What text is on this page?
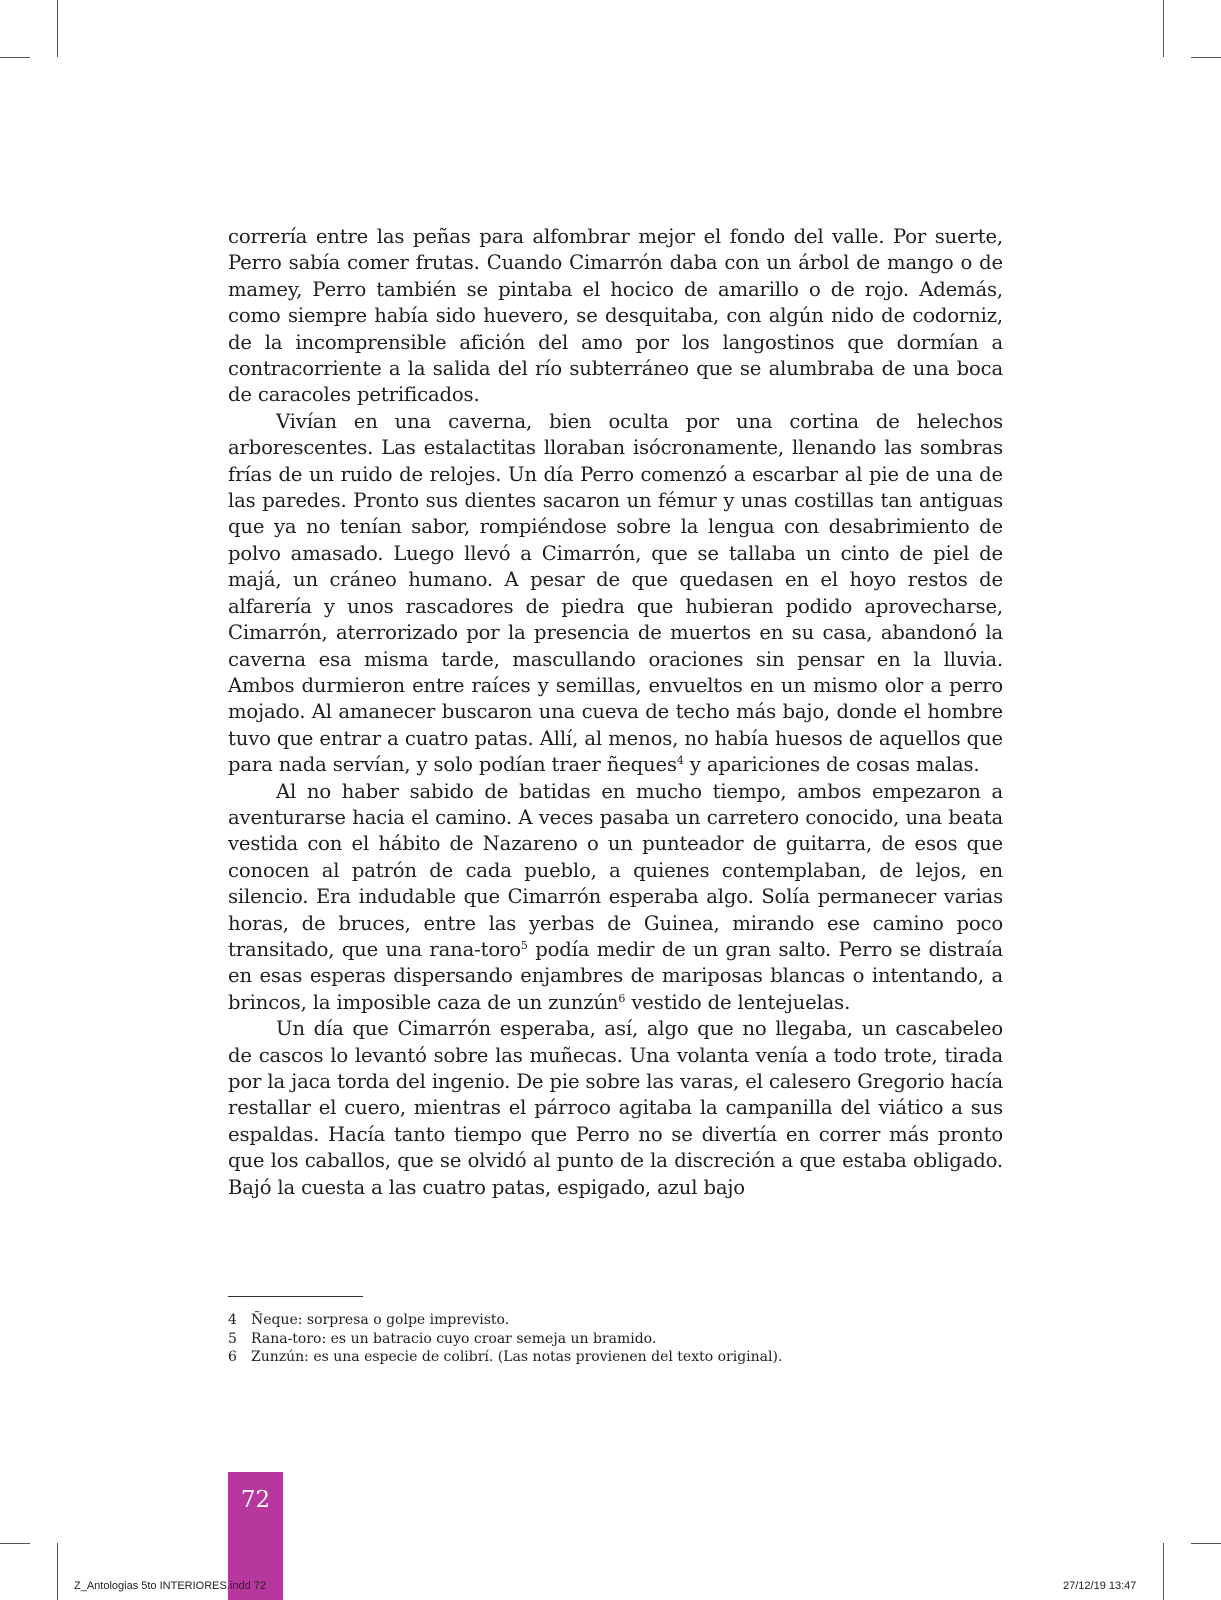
correría entre las peñas para alfombrar mejor el fondo del valle. Por suerte, Perro sabía comer frutas. Cuando Cimarrón daba con un árbol de mango o de mamey, Perro también se pintaba el hocico de amarillo o de rojo. Además, como siempre había sido huevero, se desquitaba, con algún nido de codorniz, de la incomprensible afición del amo por los langostinos que dormían a contracorriente a la salida del río subterráneo que se alumbraba de una boca de caracoles petrificados.

Vivían en una caverna, bien oculta por una cortina de helechos arborescentes. Las estalactitas lloraban isócronamente, llenando las sombras frías de un ruido de relojes. Un día Perro comenzó a escarbar al pie de una de las paredes. Pronto sus dientes sacaron un fémur y unas costillas tan antiguas que ya no tenían sabor, rompiéndose sobre la lengua con desabrimiento de polvo amasado. Luego llevó a Cimarrón, que se tallaba un cinto de piel de majá, un cráneo humano. A pesar de que quedasen en el hoyo restos de alfarería y unos rascadores de piedra que hubieran podido aprovecharse, Cimarrón, aterrorizado por la presencia de muertos en su casa, abandonó la caverna esa misma tarde, mascullando oraciones sin pensar en la lluvia. Ambos durmieron entre raíces y semillas, envueltos en un mismo olor a perro mojado. Al amanecer buscaron una cueva de techo más bajo, donde el hombre tuvo que entrar a cuatro patas. Allí, al menos, no había huesos de aquellos que para nada servían, y solo podían traer ñeques$^4$ y apariciones de cosas malas.

Al no haber sabido de batidas en mucho tiempo, ambos empezaron a aventurarse hacia el camino. A veces pasaba un carretero conocido, una beata vestida con el hábito de Nazareno o un punteador de guitarra, de esos que conocen al patrón de cada pueblo, a quienes contemplaban, de lejos, en silencio. Era indudable que Cimarrón esperaba algo. Solía permanecer varias horas, de bruces, entre las yerbas de Guinea, mirando ese camino poco transitado, que una rana-toro$^5$ podía medir de un gran salto. Perro se distraía en esas esperas dispersando enjambres de mariposas blancas o intentando, a brincos, la imposible caza de un zunzún$^6$ vestido de lentejuelas.

Un día que Cimarrón esperaba, así, algo que no llegaba, un cascabeleo de cascos lo levantó sobre las muñecas. Una volanta venía a todo trote, tirada por la jaca torda del ingenio. De pie sobre las varas, el calesero Gregorio hacía restallar el cuero, mientras el párroco agitaba la campanilla del viático a sus espaldas. Hacía tanto tiempo que Perro no se divertía en correr más pronto que los caballos, que se olvidó al punto de la discreción a que estaba obligado. Bajó la cuesta a las cuatro patas, espigado, azul bajo

4	Ñeque: sorpresa o golpe imprevisto.
5	Rana-toro: es un batracio cuyo croar semeja un bramido.
6	Zunzún: es una especie de colibrí. (Las notas provienen del texto original).
72
Z_Antologias 5to INTERIORES.indd 72	27/12/19 13:47
